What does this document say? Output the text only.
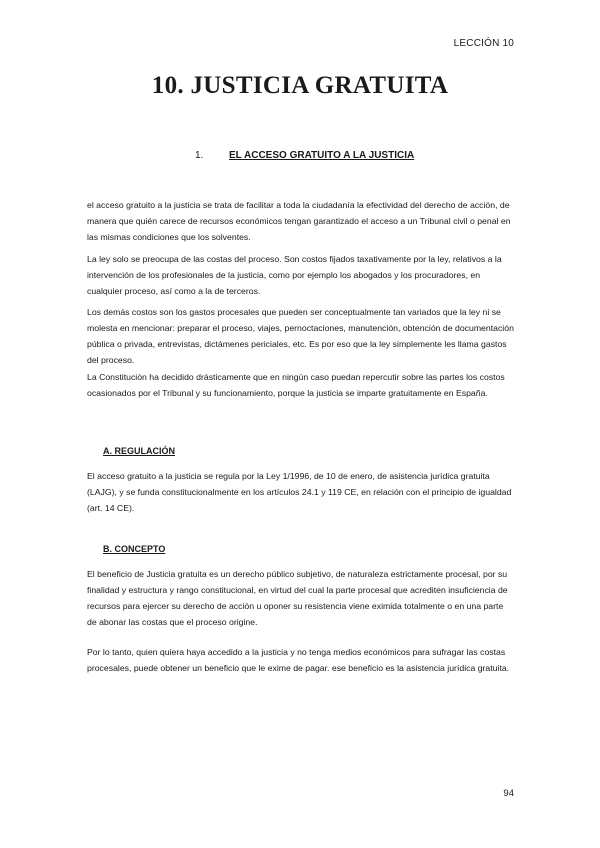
LECCIÓN 10
10. JUSTICIA GRATUITA
1.	EL ACCESO GRATUITO A LA JUSTICIA

el acceso gratuito a la justicia se trata de facilitar a toda la ciudadanía la efectividad del derecho de acción, de manera que quién carece de recursos económicos tengan garantizado el acceso a un Tribunal civil o penal en las mismas condiciones que los solventes.

La ley solo se preocupa de las costas del proceso. Son costos fijados taxativamente por la ley, relativos a la intervención de los profesionales de la justicia, como por ejemplo los abogados y los procuradores, en cualquier proceso, así como a la de terceros.

Los demás costos son los gastos procesales que pueden ser conceptualmente tan variados que la ley ni se molesta en mencionar: preparar el proceso, viajes, pernoctaciones, manutención, obtención de documentación pública o privada, entrevistas, dictámenes periciales, etc. Es por eso que la ley simplemente les llama gastos del proceso.

La Constitución ha decidido drásticamente que en ningún caso puedan repercutir sobre las partes los costos ocasionados por el Tribunal y su funcionamiento, porque la justicia se imparte gratuitamente en España.

A. REGULACIÓN

El acceso gratuito a la justicia se regula por la Ley 1/1996, de 10 de enero, de asistencia jurídica gratuita (LAJG), y se funda constitucionalmente en los artículos 24.1 y 119 CE, en relación con el principio de igualdad (art. 14 CE).

B. CONCEPTO

El beneficio de Justicia gratuita es un derecho público subjetivo, de naturaleza estrictamente procesal, por su finalidad y estructura y rango constitucional, en virtud del cual la parte procesal que acrediten insuficiencia de recursos para ejercer su derecho de acción u oponer su resistencia viene eximida totalmente o en una parte de abonar las costas que el proceso origine.

Por lo tanto, quien quiera haya accedido a la justicia y no tenga medios económicos para sufragar las costas procesales, puede obtener un beneficio que le exime de pagar. ese beneficio es la asistencia jurídica gratuita.

94
